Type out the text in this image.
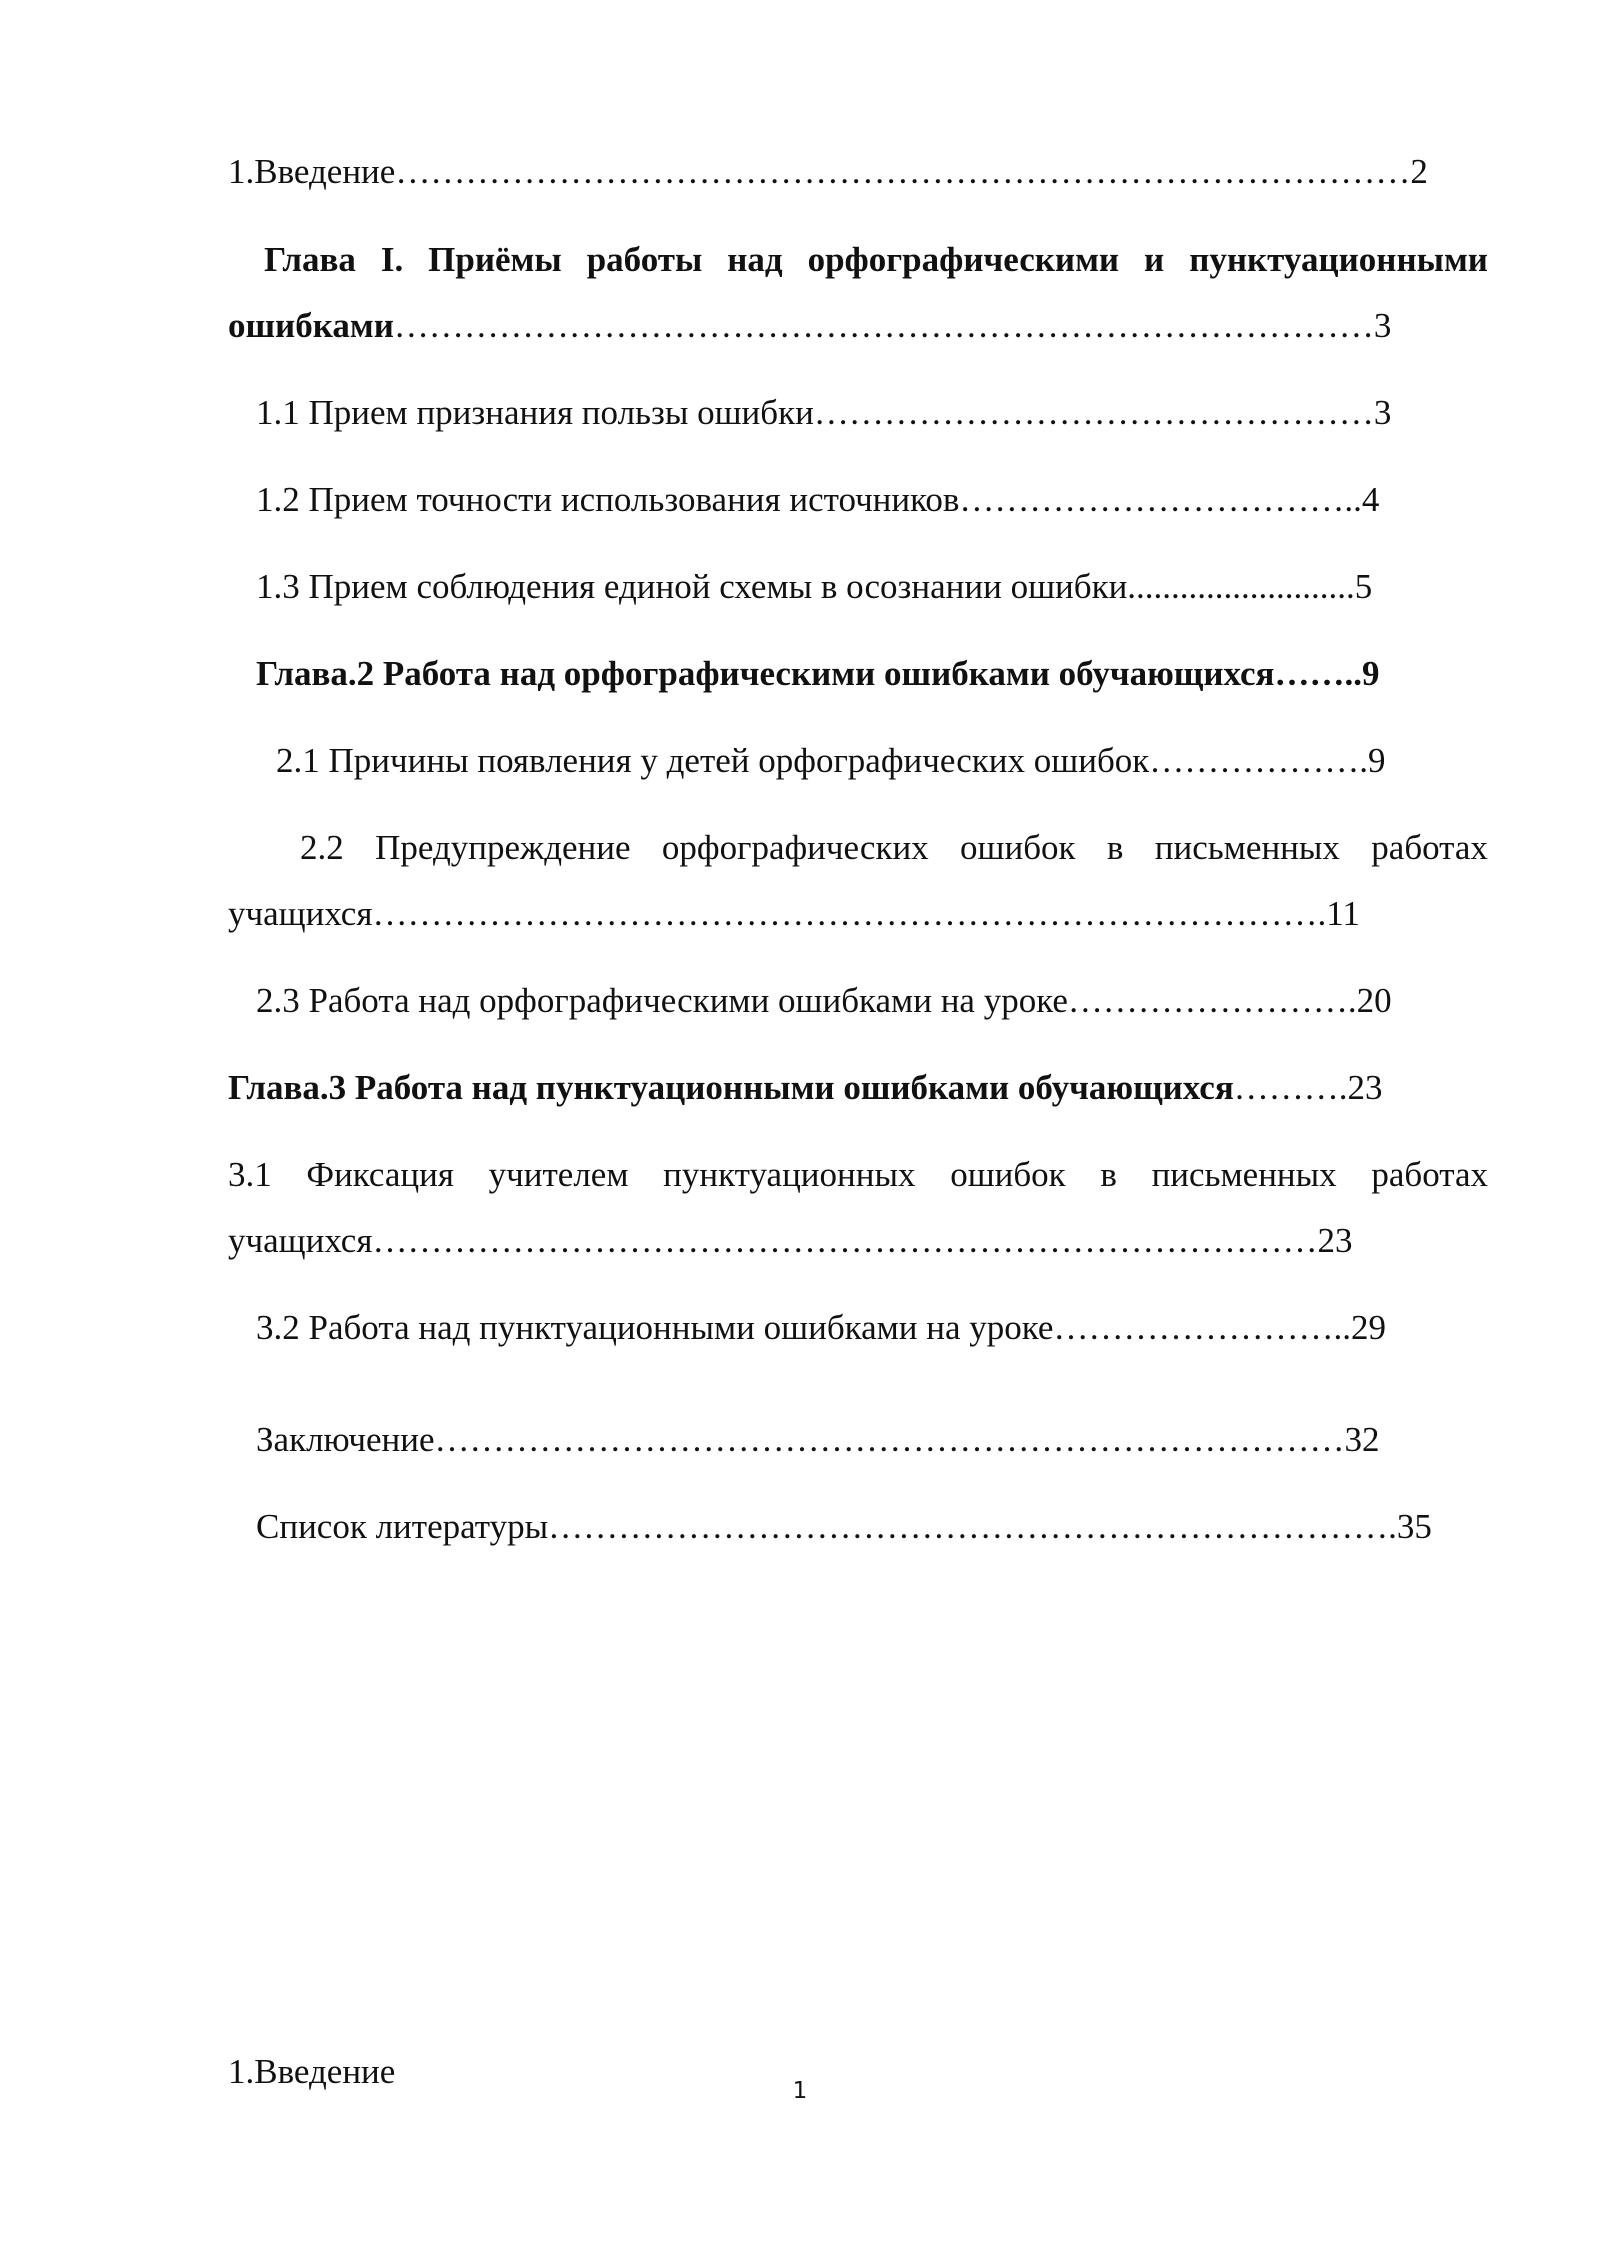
1.Введение……………………………………………………………………………2
Глава I. Приёмы работы над орфографическими и пунктуационными
ошибками…………………………………………………………………………3
1.1 Прием признания пользы ошибки…………………………………………3
1.2 Прием точности использования источников……………………………..4
1.3 Прием соблюдения единой схемы в осознании ошибки..........................5
Глава.2 Работа над орфографическими ошибками обучающихся……..9
2.1 Причины появления у детей орфографических ошибок……………….9
2.2 Предупреждение орфографических ошибок в письменных работах
учащихся……………………………………………………………………….11
2.3 Работа над орфографическими ошибками на уроке…………………….20
Глава.3 Работа над пунктуационными ошибками обучающихся……….23
3.1 Фиксация учителем пунктуационных ошибок в письменных работах
учащихся………………………………………………………………………23
3.2 Работа над пунктуационными ошибками на уроке……………………..29
Заключение……………………………………………………………………32
Список литературы……………………………………………………………….35
1.Введение	1
